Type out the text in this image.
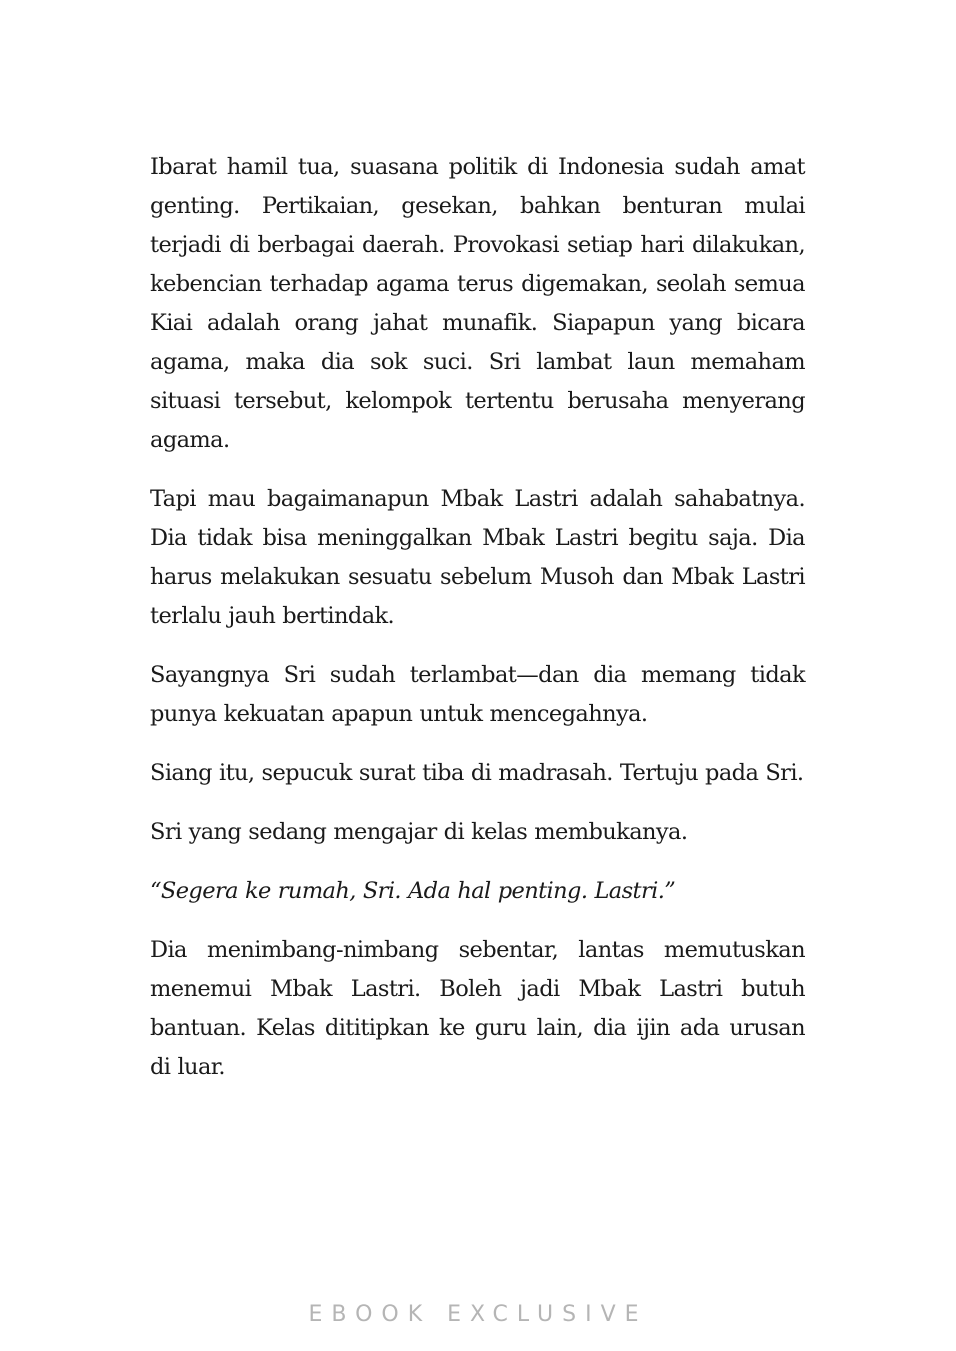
Ibarat hamil tua, suasana politik di Indonesia sudah amat genting. Pertikaian, gesekan, bahkan benturan mulai terjadi di berbagai daerah. Provokasi setiap hari dilakukan, kebencian terhadap agama terus digemakan, seolah semua Kiai adalah orang jahat munafik. Siapapun yang bicara agama, maka dia sok suci. Sri lambat laun memaham situasi tersebut, kelompok tertentu berusaha menyerang agama.

Tapi mau bagaimanapun Mbak Lastri adalah sahabatnya. Dia tidak bisa meninggalkan Mbak Lastri begitu saja. Dia harus melakukan sesuatu sebelum Musoh dan Mbak Lastri terlalu jauh bertindak.

Sayangnya Sri sudah terlambat—dan dia memang tidak punya kekuatan apapun untuk mencegahnya.

Siang itu, sepucuk surat tiba di madrasah. Tertuju pada Sri.

Sri yang sedang mengajar di kelas membukanya.

“Segera ke rumah, Sri. Ada hal penting. Lastri.”

Dia menimbang-nimbang sebentar, lantas memutuskan menemui Mbak Lastri. Boleh jadi Mbak Lastri butuh bantuan. Kelas dititipkan ke guru lain, dia ijin ada urusan di luar.

EBOOK EXCLUSIVE
